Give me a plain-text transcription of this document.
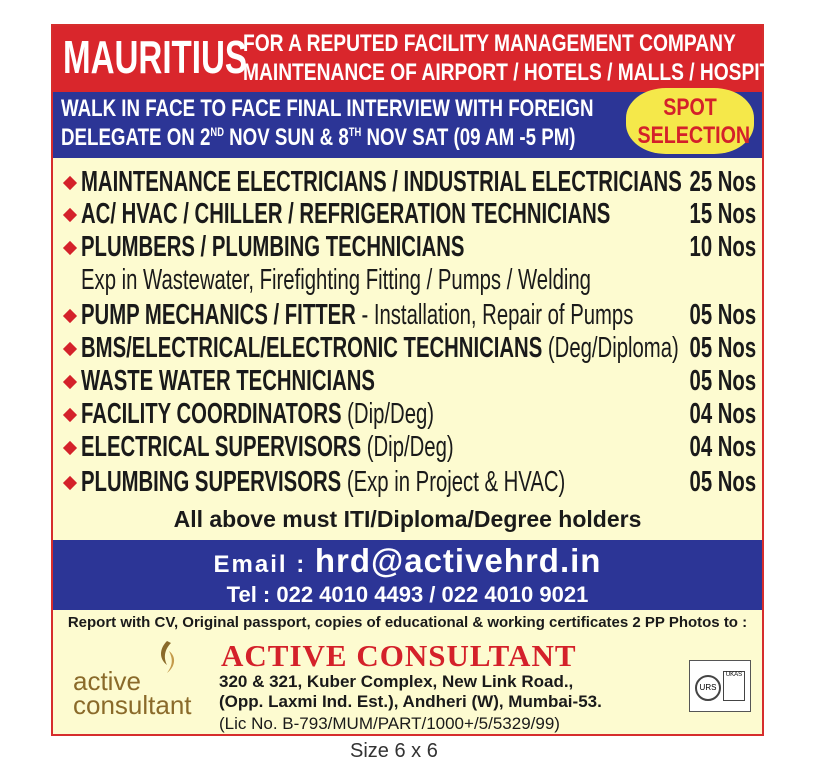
MAURITIUS
FOR A REPUTED FACILITY MANAGEMENT COMPANY
MAINTENANCE OF AIRPORT / HOTELS / MALLS / HOSPITALS
WALK IN FACE TO FACE FINAL INTERVIEW WITH FOREIGN
DELEGATE ON 2ND NOV SUN & 8TH NOV SAT (09 AM -5 PM)
SPOT
SELECTION
MAINTENANCE ELECTRICIANS / INDUSTRIAL ELECTRICIANS 25 Nos
AC/ HVAC / CHILLER / REFRIGERATION TECHNICIANS	15 Nos
PLUMBERS / PLUMBING TECHNICIANS	10 Nos
Exp in Wastewater, Firefighting Fitting / Pumps / Welding
PUMP MECHANICS / FITTER - Installation, Repair of Pumps 05 Nos
BMS/ELECTRICAL/ELECTRONIC TECHNICIANS (Deg/Diploma) 05 Nos
WASTE WATER TECHNICIANS	05 Nos
FACILITY COORDINATORS (Dip/Deg)	04 Nos
ELECTRICAL SUPERVISORS (Dip/Deg)	04 Nos
PLUMBING SUPERVISORS (Exp in Project & HVAC)	05 Nos
All above must ITI/Diploma/Degree holders
Email : hrd@activehrd.in
Tel : 022 4010 4493 / 022 4010 9021
Report with CV, Original passport, copies of educational & working certificates 2 PP Photos to :
active
consultant
ACTIVE CONSULTANT
320 & 321, Kuber Complex, New Link Road.,
(Opp. Laxmi Ind. Est.), Andheri (W), Mumbai-53.
(Lic No. B-793/MUM/PART/1000+/5/5329/99)
URS
UKAS
Size 6 x 6
